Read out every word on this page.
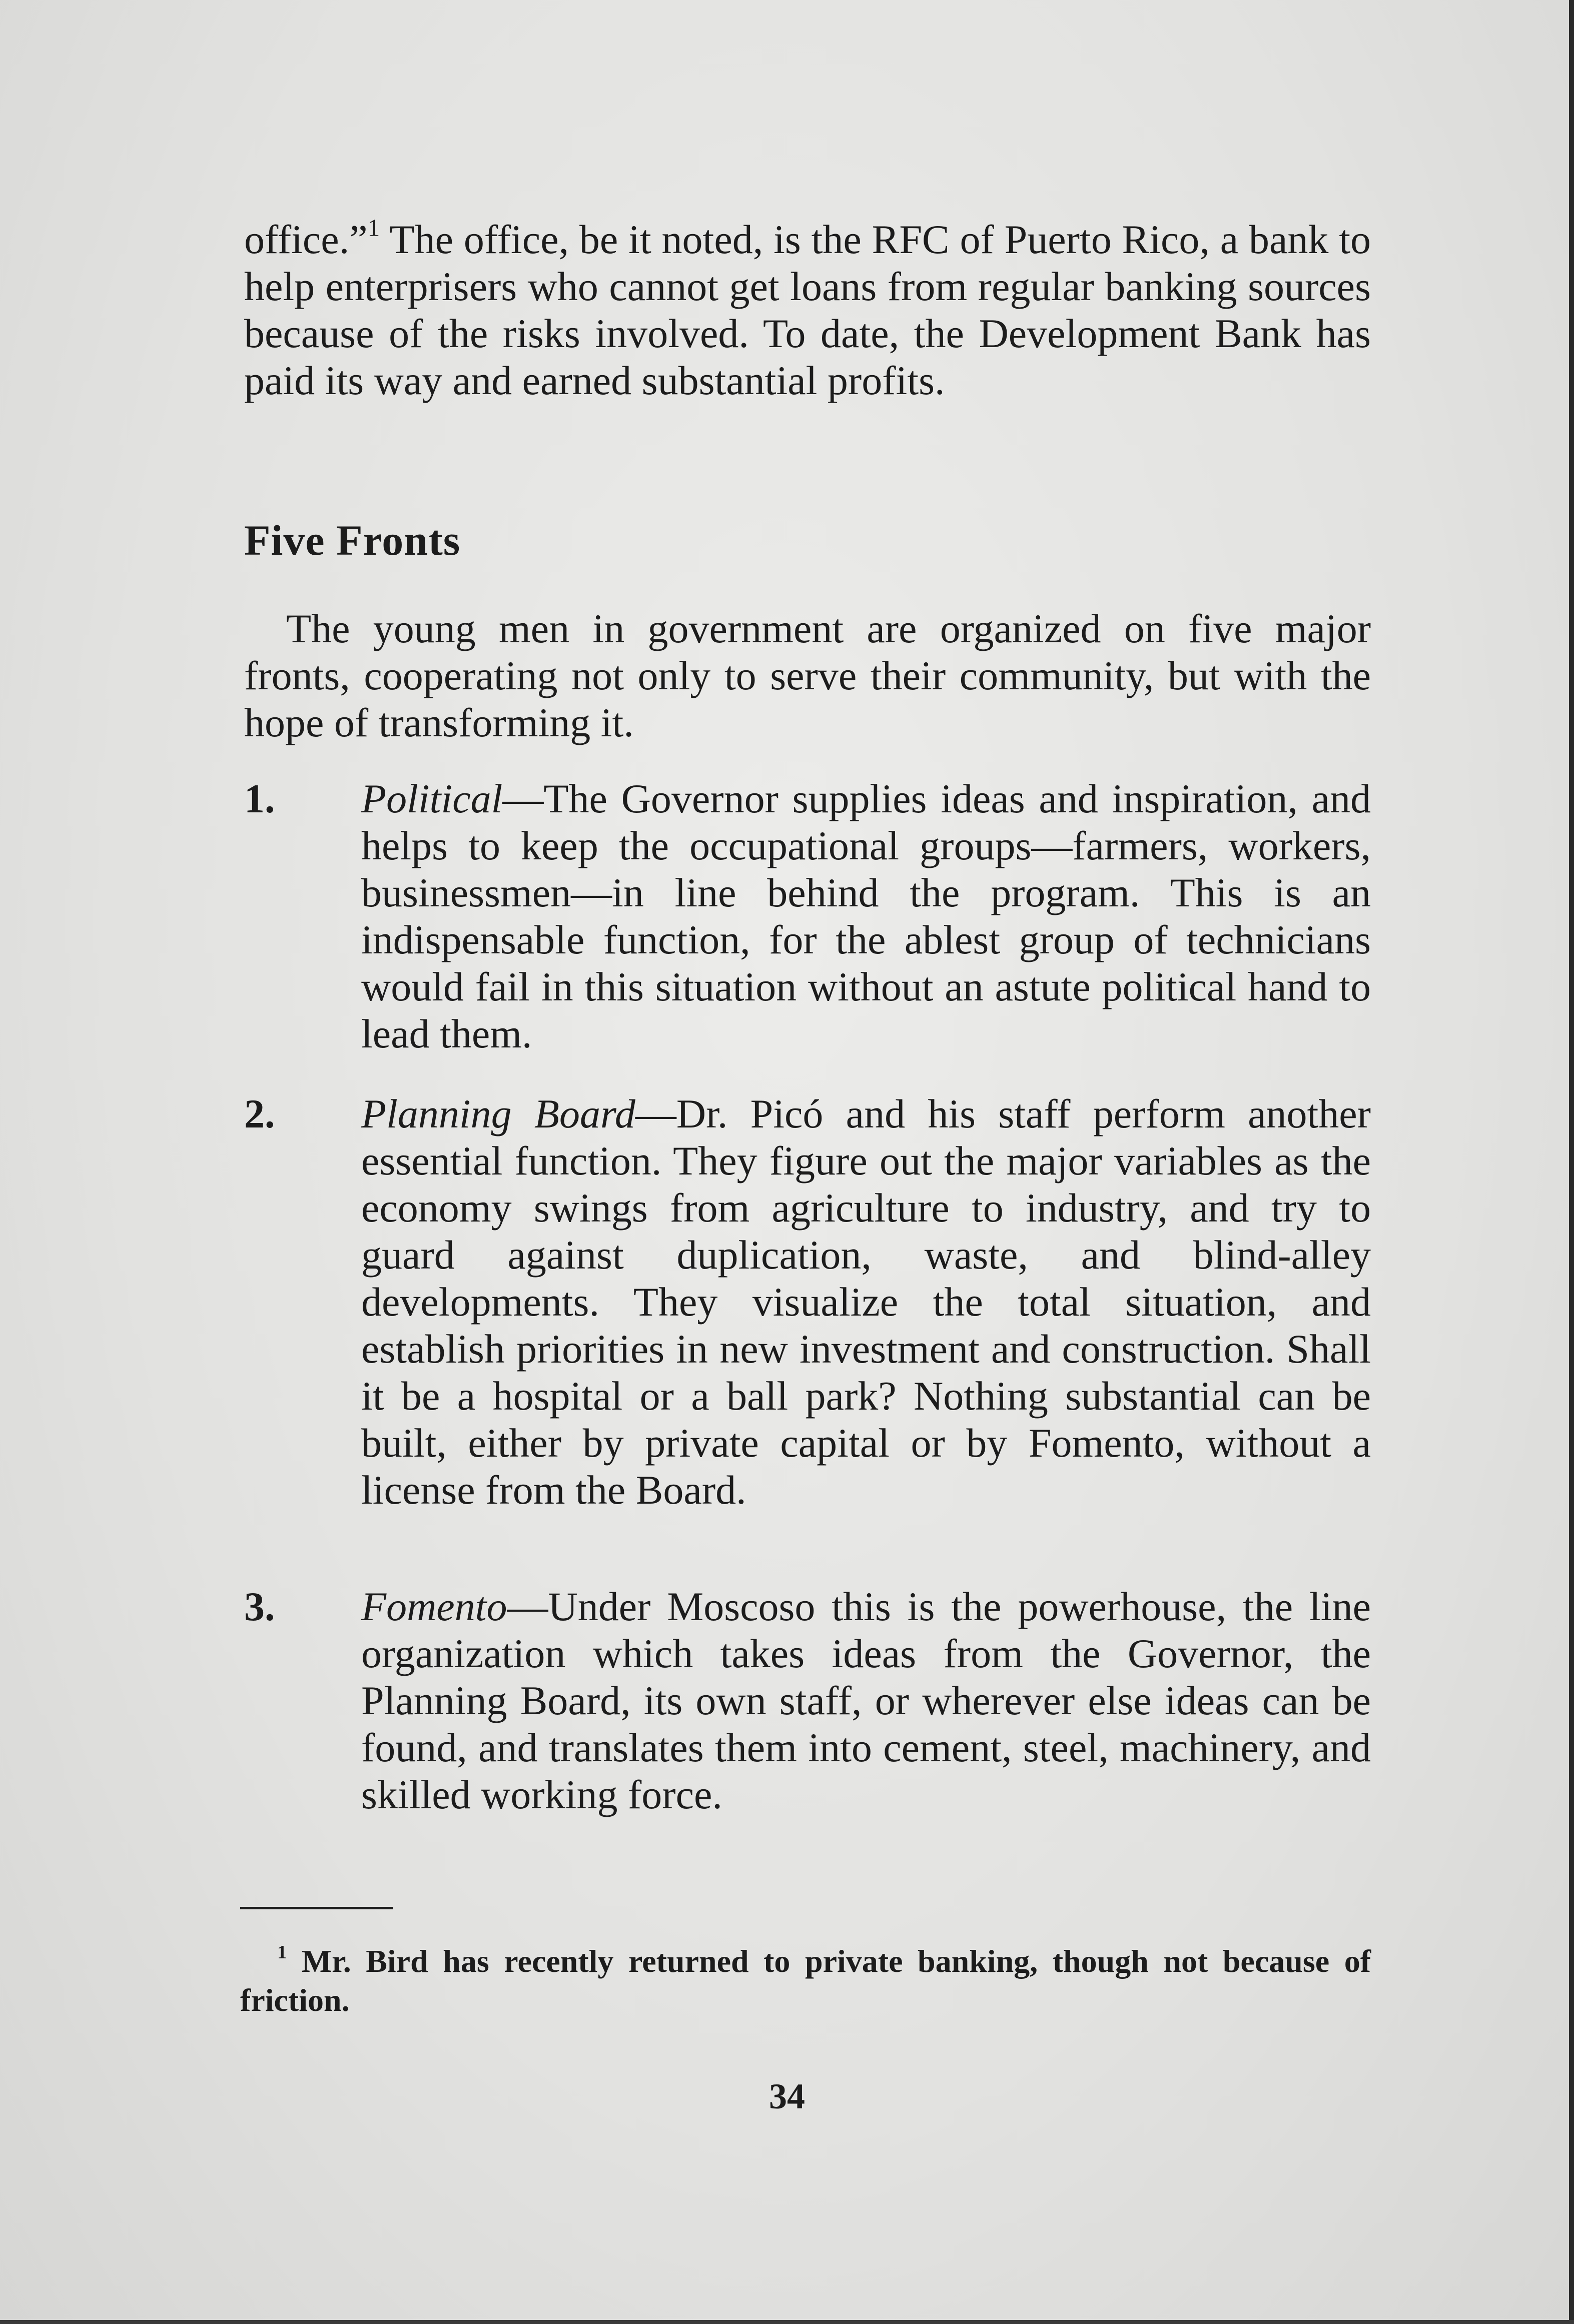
office.”$^1$ The office, be it noted, is the RFC of Puerto Rico, a bank to help enterprisers who cannot get loans from regular banking sources because of the risks involved. To date, the Development Bank has paid its way and earned substantial profits.

Five Fronts

The young men in government are organized on five major fronts, cooperating not only to serve their community, but with the hope of transforming it.

1. Political—The Governor supplies ideas and inspiration, and helps to keep the occupational groups—farmers, workers, businessmen—in line behind the program. This is an indispensable function, for the ablest group of technicians would fail in this situation without an astute political hand to lead them.
2. Planning Board—Dr. Picó and his staff perform another essential function. They figure out the major variables as the economy swings from agriculture to industry, and try to guard against duplication, waste, and blind-alley developments. They visualize the total situation, and establish priorities in new investment and construction. Shall it be a hospital or a ball park? Nothing substantial can be built, either by private capital or by Fomento, without a license from the Board.
3. Fomento—Under Moscoso this is the powerhouse, the line organization which takes ideas from the Governor, the Planning Board, its own staff, or wherever else ideas can be found, and translates them into cement, steel, machinery, and skilled working force.

$^1$ Mr. Bird has recently returned to private banking, though not because of friction.

34
